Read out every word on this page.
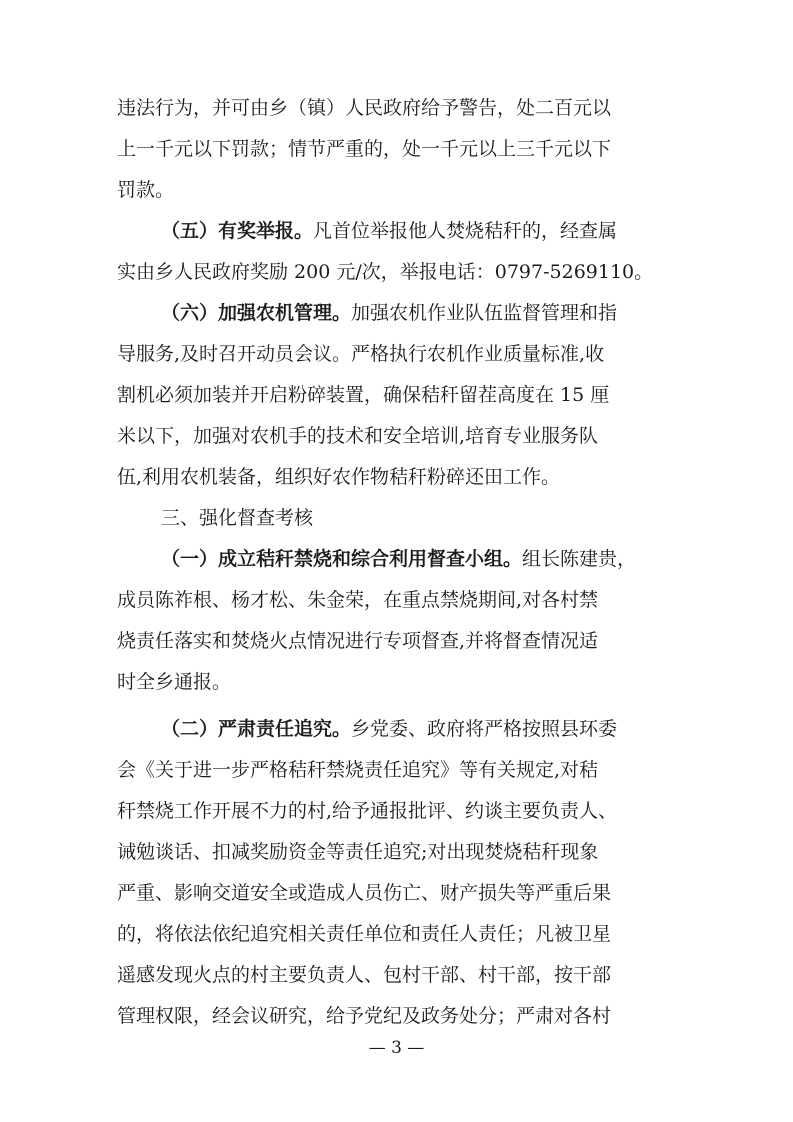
违法行为，并可由乡（镇）人民政府给予警告，处二百元以
上一千元以下罚款；情节严重的，处一千元以上三千元以下
罚款。
（五）有奖举报。凡首位举报他人焚烧秸秆的，经查属
实由乡人民政府奖励 200 元/次，举报电话：0797-5269110。
（六）加强农机管理。加强农机作业队伍监督管理和指
导服务,及时召开动员会议。严格执行农机作业质量标准,收
割机必须加装并开启粉碎装置，确保秸秆留茬高度在 15 厘
米以下，加强对农机手的技术和安全培训,培育专业服务队
伍,利用农机装备，组织好农作物秸秆粉碎还田工作。
三、强化督查考核
（一）成立秸秆禁烧和综合利用督查小组。组长陈建贵，
成员陈祚根、杨才松、朱金荣，在重点禁烧期间,对各村禁
烧责任落实和焚烧火点情况进行专项督查,并将督查情况适
时全乡通报。
（二）严肃责任追究。乡党委、政府将严格按照县环委
会《关于进一步严格秸秆禁烧责任追究》等有关规定,对秸
秆禁烧工作开展不力的村,给予通报批评、约谈主要负责人、
诫勉谈话、扣减奖励资金等责任追究;对出现焚烧秸秆现象
严重、影响交道安全或造成人员伤亡、财产损失等严重后果
的，将依法依纪追究相关责任单位和责任人责任；凡被卫星
遥感发现火点的村主要负责人、包村干部、村干部，按干部
管理权限，经会议研究，给予党纪及政务处分；严肃对各村
— 3 —
